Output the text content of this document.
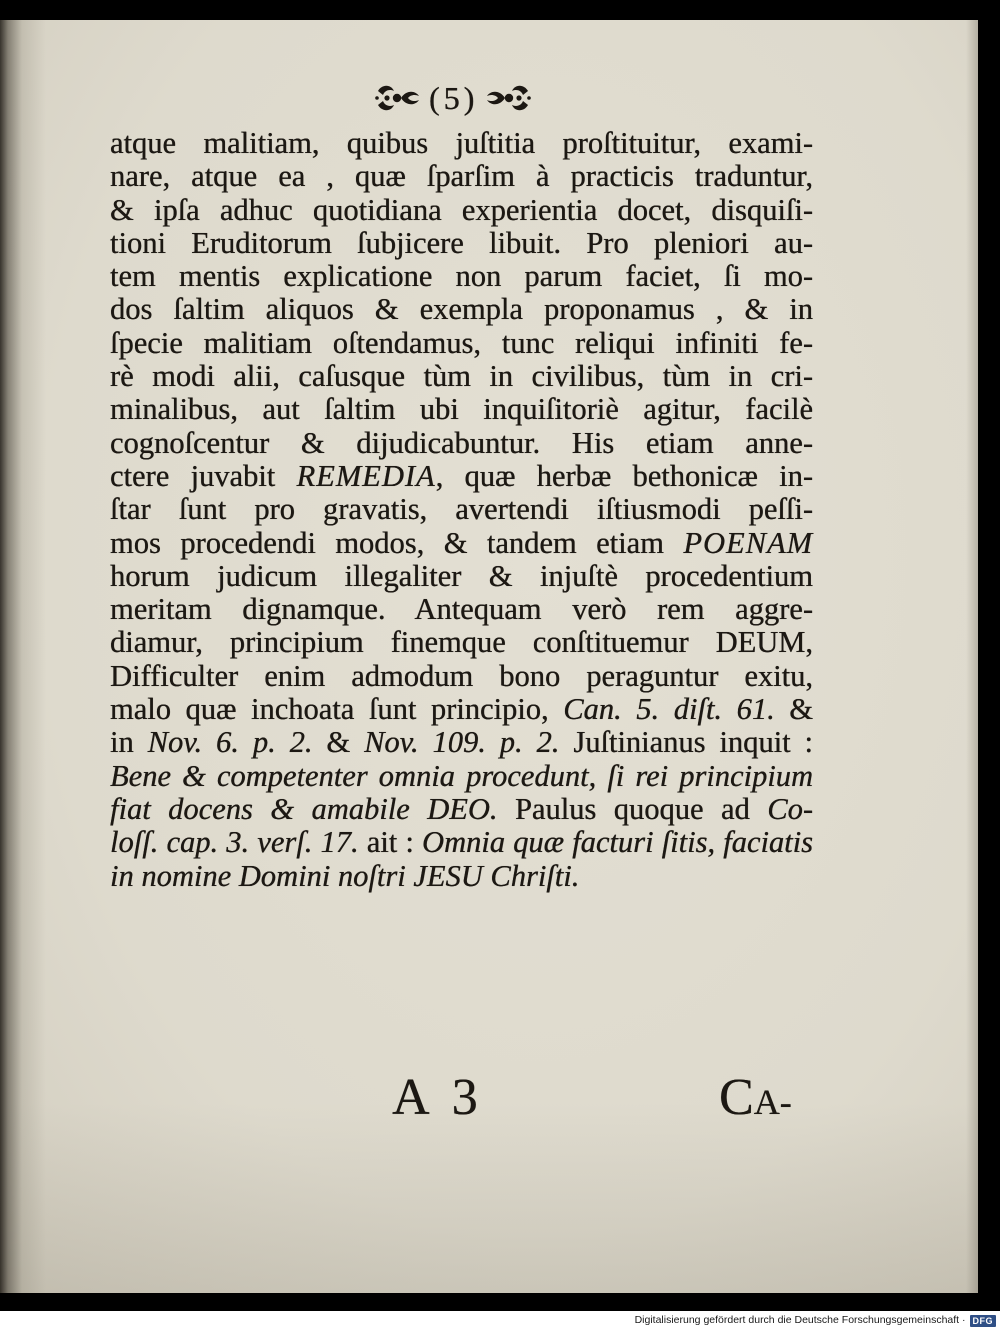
(5)
atque malitiam, quibus juſtitia proſtituitur, exami-
nare, atque ea , quæ ſparſim à practicis traduntur,
& ipſa adhuc quotidiana experientia docet, disquiſi-
tioni Eruditorum ſubjicere libuit. Pro pleniori au-
tem mentis explicatione non parum faciet, ſi mo-
dos ſaltim aliquos & exempla proponamus , & in
ſpecie malitiam oſtendamus, tunc reliqui infiniti fe-
rè modi alii, caſusque tùm in civilibus, tùm in cri-
minalibus, aut ſaltim ubi inquiſitoriè agitur, facilè
cognoſcentur & dijudicabuntur. His etiam anne-
ctere juvabit REMEDIA, quæ herbæ bethonicæ in-
ſtar ſunt pro gravatis, avertendi iſtiusmodi peſſi-
mos procedendi modos, & tandem etiam POENAM
horum judicum illegaliter & injuſtè procedentium
meritam dignamque. Antequam verò rem aggre-
diamur, principium finemque conſtituemur DEUM,
Difficulter enim admodum bono peraguntur exitu,
malo quæ inchoata ſunt principio, Can. 5. diſt. 61. &
in Nov. 6. p. 2. & Nov. 109. p. 2. Juſtinianus inquit :
Bene & competenter omnia procedunt, ſi rei principium
fiat docens & amabile DEO. Paulus quoque ad Co-
loſſ. cap. 3. verſ. 17. ait : Omnia quæ facturi ſitis, faciatis
in nomine Domini noſtri JESU Chriſti.
A 3	CA-
Digitalisierung gefördert durch die Deutsche Forschungsgemeinschaft · DFG
